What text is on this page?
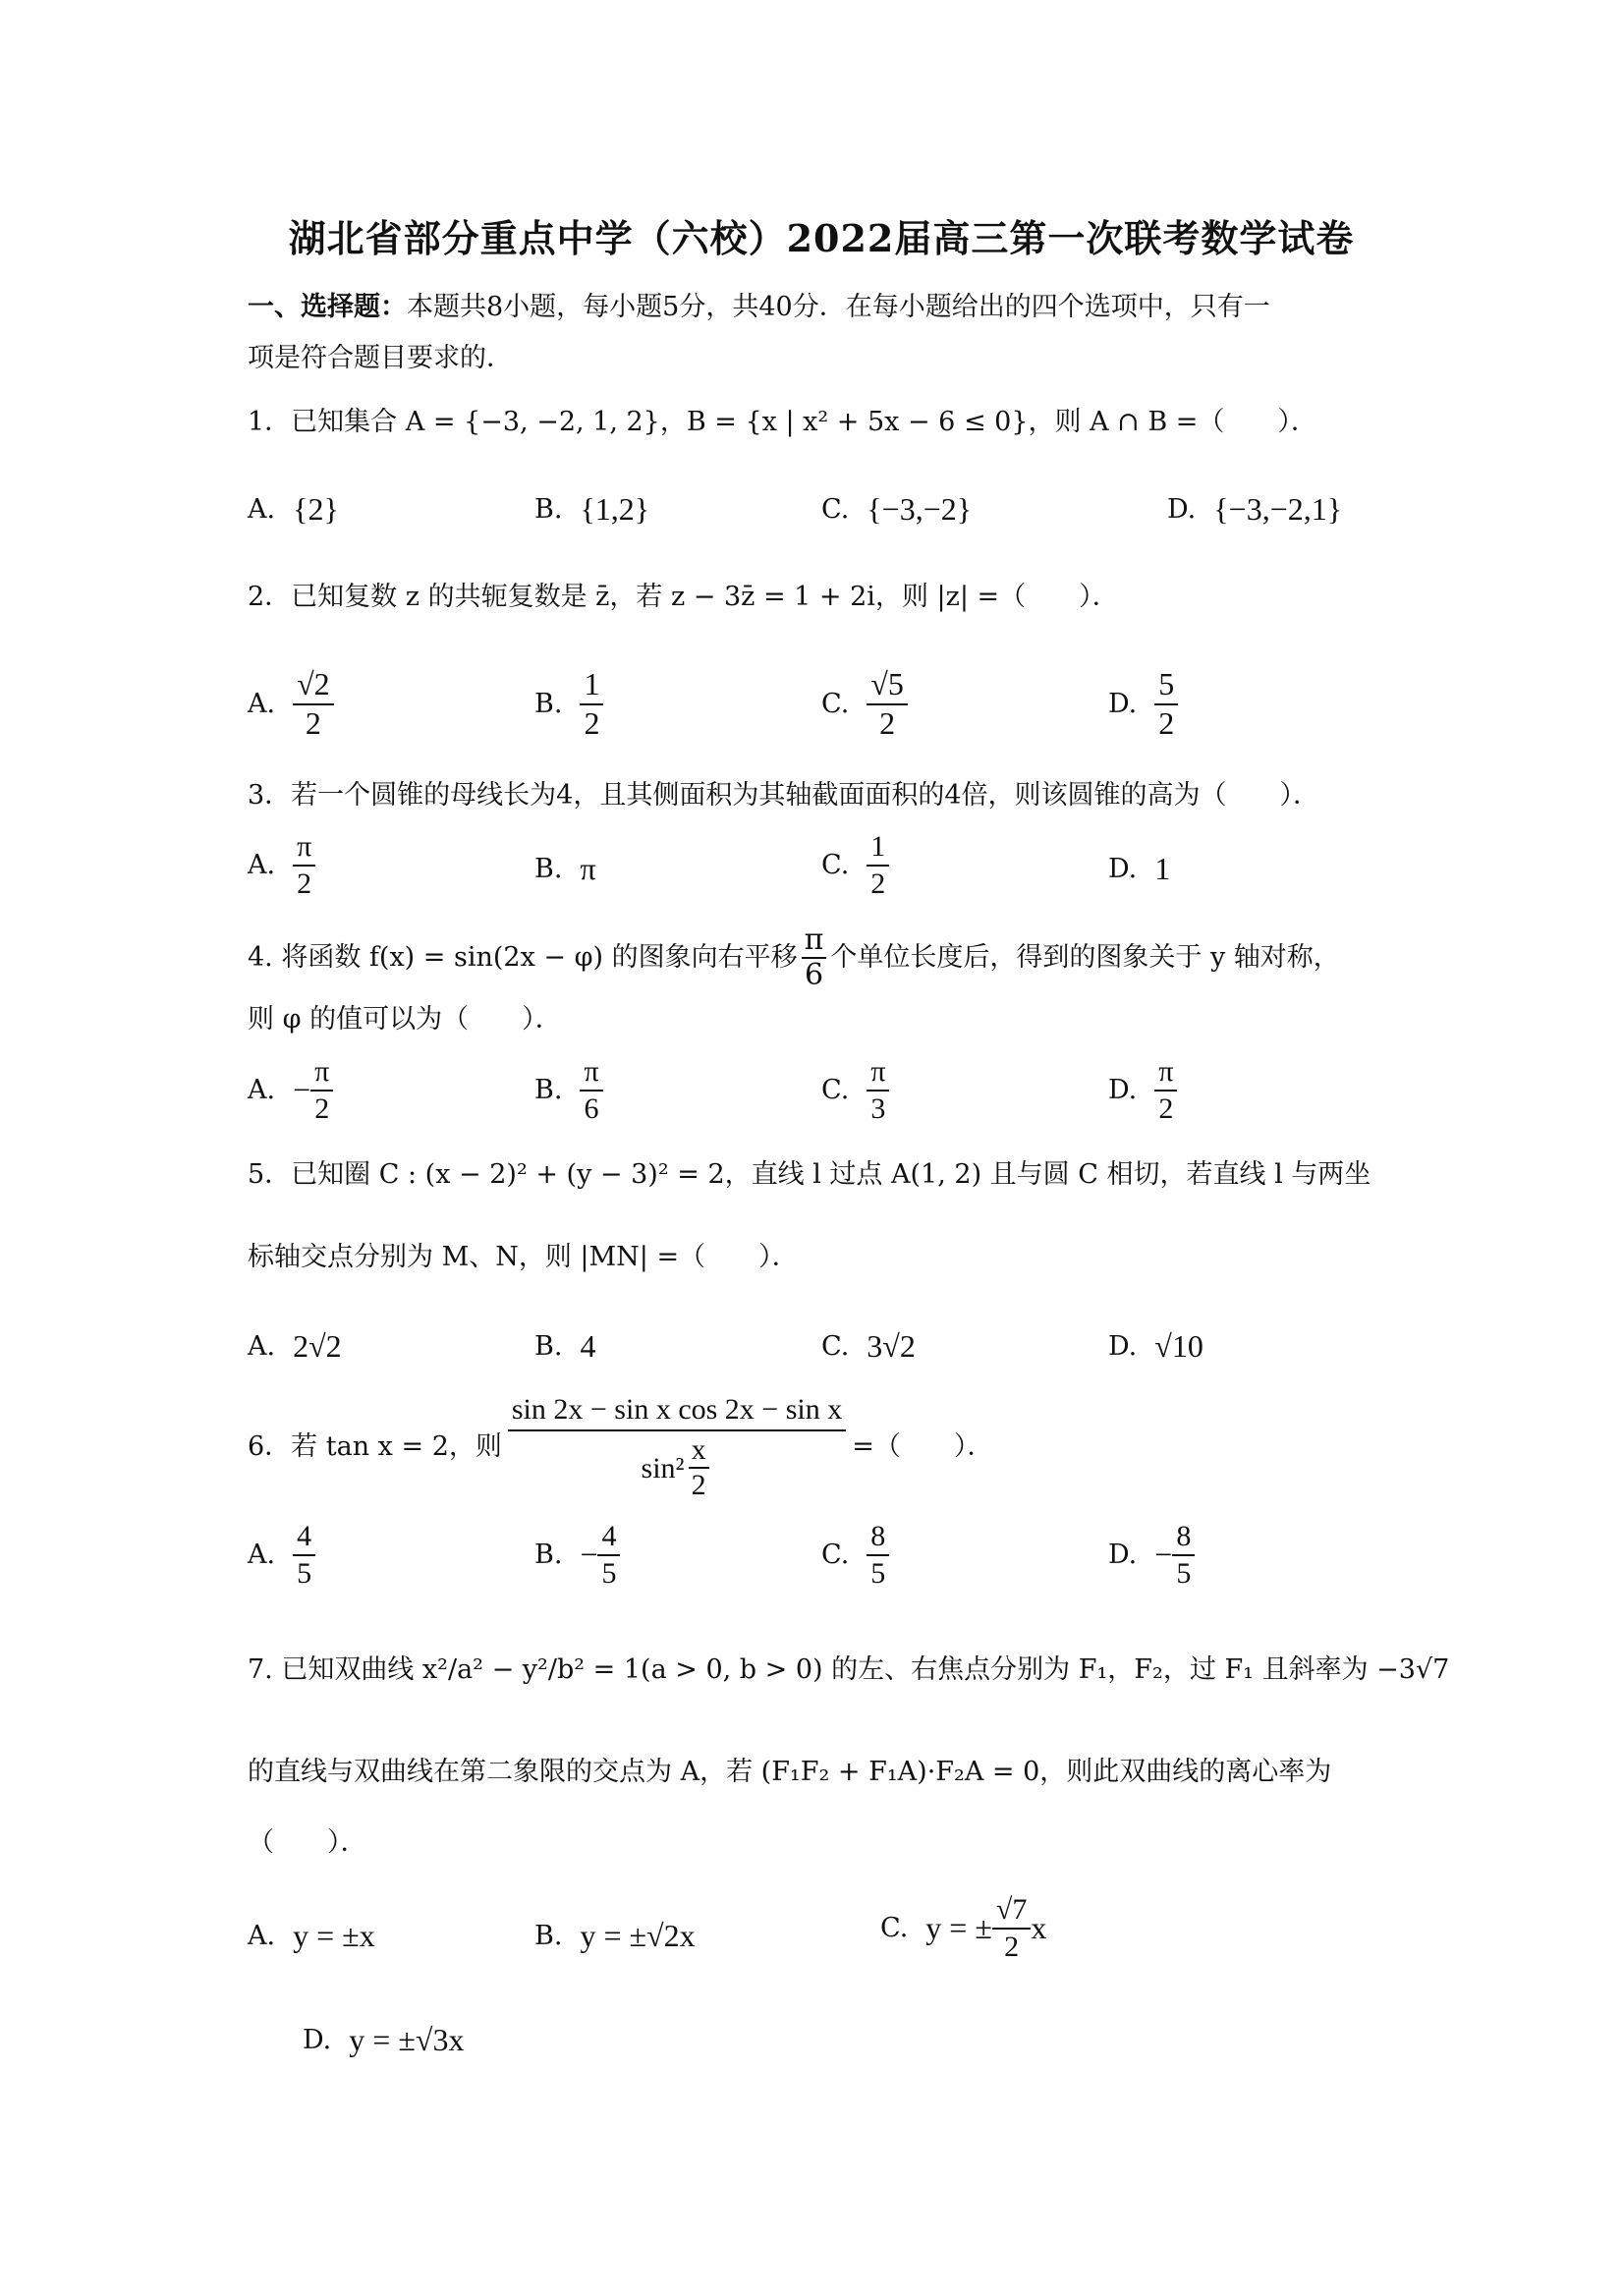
湖北省部分重点中学（六校）2022届高三第一次联考数学试卷
一、选择题：本题共8小题，每小题5分，共40分．在每小题给出的四个选项中，只有一
项是符合题目要求的．
1．已知集合 A = {−3, −2, 1, 2}，B = {x | x² + 5x − 6 ≤ 0}，则 A ∩ B =（　　）．
A. {2}	B. {1,2}	C. {−3,−2}	D. {−3,−2,1}
2．已知复数 z 的共轭复数是 z̄，若 z − 3z̄ = 1 + 2i，则 |z| =（　　）．
A. $\frac{√2}{2}$	B. $\frac{1}{2}$	C. $\frac{√5}{2}$	D. $\frac{5}{2}$
3．若一个圆锥的母线长为4，且其侧面积为其轴截面面积的4倍，则该圆锥的高为（　　）．
A. $\frac{\pi}{2}$	B. π	C. $\frac{1}{2}$	D. 1
4. 将函数 f(x) = sin(2x − φ) 的图象向右平移 $\frac{\pi}{6}$ 个单位长度后，得到的图象关于 y 轴对称，
则 φ 的值可以为（　　）．
A. − $\frac{\pi}{2}$	B. $\frac{\pi}{6}$	C. $\frac{\pi}{3}$	D. $\frac{\pi}{2}$
5．已知圈 C : (x − 2)² + (y − 3)² = 2，直线 l 过点 A(1, 2) 且与圆 C 相切，若直线 l 与两坐
标轴交点分别为 M、N，则 |MN| =（　　）．
A. 2√2	B. 4	C. 3√2	D. √10
6．若 tan x = 2，则 $\frac{\text{sin 2x − sin x cos 2x − sin x}}{\sin^2 \frac{x}{2}}$ =（　　）．
A. $\frac{4}{5}$	B. − $\frac{4}{5}$	C. $\frac{8}{5}$	D. − $\frac{8}{5}$
7. 已知双曲线 x²/a² − y²/b² = 1(a > 0, b > 0) 的左、右焦点分别为 F₁，F₂，过 F₁ 且斜率为 −3√7
的直线与双曲线在第二象限的交点为 A，若 (F₁F₂ + F₁A)·F₂A = 0，则此双曲线的离心率为
（　　）．
A. y = ±x	B. y = ±√2x	C. y = ± $\frac{√7}{2}$ x
D. y = ±√3x
